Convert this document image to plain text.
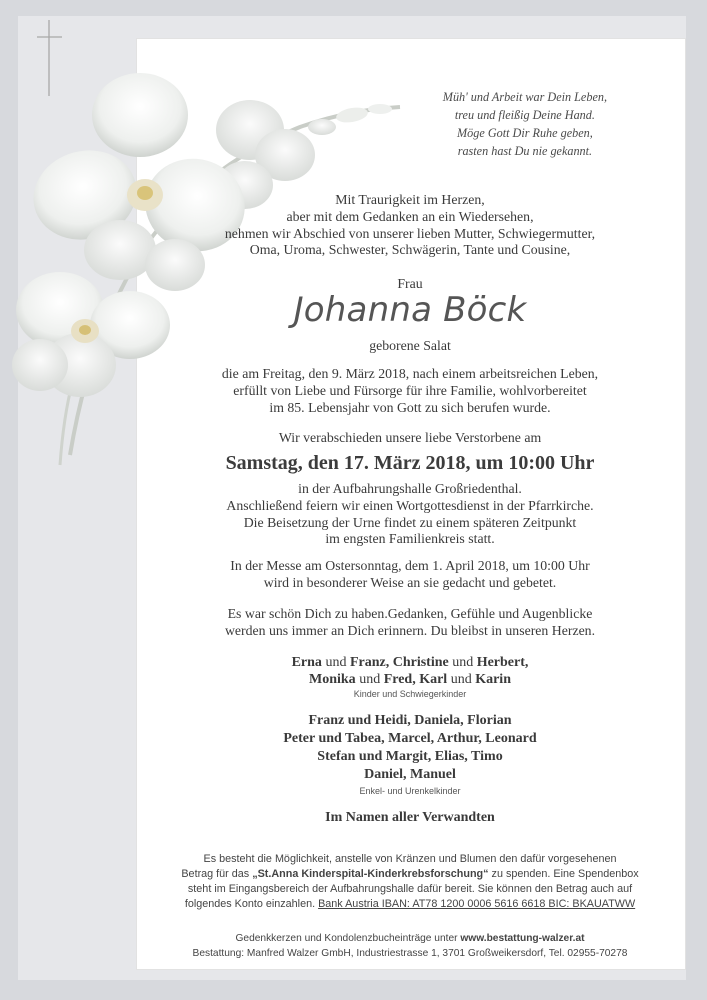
Müh' und Arbeit war Dein Leben,
treu und fleißig Deine Hand.
Möge Gott Dir Ruhe geben,
rasten hast Du nie gekannt.
Mit Traurigkeit im Herzen,
aber mit dem Gedanken an ein Wiedersehen,
nehmen wir Abschied von unserer lieben Mutter, Schwiegermutter,
Oma, Uroma, Schwester, Schwägerin, Tante und Cousine,
Frau
Johanna Böck
geborene Salat
die am Freitag, den 9. März 2018, nach einem arbeitsreichen Leben,
erfüllt von Liebe und Fürsorge für ihre Familie, wohlvorbereitet
im 85. Lebensjahr von Gott zu sich berufen wurde.
Wir verabschieden unsere liebe Verstorbene am
Samstag, den 17. März 2018, um 10:00 Uhr
in der Aufbahrungshalle Großriedenthal.
Anschließend feiern wir einen Wortgottesdienst in der Pfarrkirche.
Die Beisetzung der Urne findet zu einem späteren Zeitpunkt
im engsten Familienkreis statt.
In der Messe am Ostersonntag, dem 1. April 2018, um 10:00 Uhr
wird in besonderer Weise an sie gedacht und gebetet.
Es war schön Dich zu haben.Gedanken, Gefühle und Augenblicke
werden uns immer an Dich erinnern. Du bleibst in unseren Herzen.
Erna und Franz, Christine und Herbert,
Monika und Fred, Karl und Karin
Kinder und Schwiegerkinder
Franz und Heidi, Daniela, Florian
Peter und Tabea, Marcel, Arthur, Leonard
Stefan und Margit, Elias, Timo
Daniel, Manuel
Enkel- und Urenkelkinder
Im Namen aller Verwandten
Es besteht die Möglichkeit, anstelle von Kränzen und Blumen den dafür vorgesehenen
Betrag für das „St.Anna Kinderspital-Kinderkrebsforschung“ zu spenden. Eine Spendenbox
steht im Eingangsbereich der Aufbahrungshalle dafür bereit. Sie können den Betrag auch auf
folgendes Konto einzahlen. Bank Austria IBAN: AT78 1200 0006 5616 6618 BIC: BKAUATWW
Gedenkkerzen und Kondolenzbucheinträge unter www.bestattung-walzer.at
Bestattung: Manfred Walzer GmbH, Industriestrasse 1, 3701 Großweikersdorf, Tel. 02955-70278
